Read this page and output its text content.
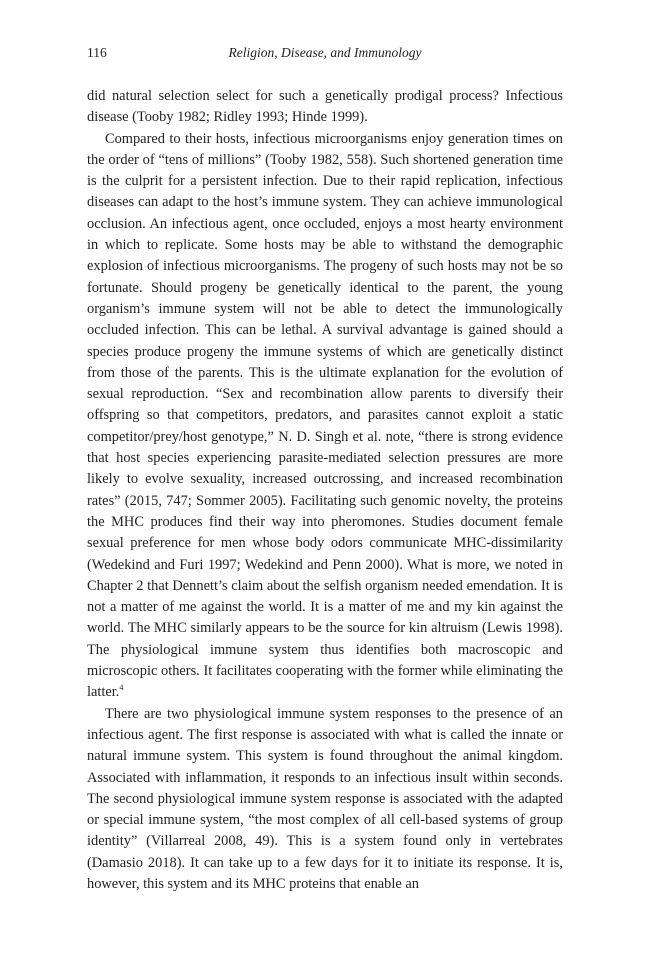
116	Religion, Disease, and Immunology

did natural selection select for such a genetically prodigal process? Infectious disease (Tooby 1982; Ridley 1993; Hinde 1999).

Compared to their hosts, infectious microorganisms enjoy generation times on the order of “tens of millions” (Tooby 1982, 558). Such shortened generation time is the culprit for a persistent infection. Due to their rapid replication, infectious diseases can adapt to the host’s immune system. They can achieve immunological occlusion. An infectious agent, once occluded, enjoys a most hearty environment in which to replicate. Some hosts may be able to withstand the demographic explosion of infectious microorganisms. The progeny of such hosts may not be so fortunate. Should progeny be genetically identical to the parent, the young organism’s immune system will not be able to detect the immunologically occluded infection. This can be lethal. A survival advantage is gained should a species produce progeny the immune systems of which are genetically distinct from those of the parents. This is the ultimate explanation for the evolution of sexual reproduction. “Sex and recombination allow parents to diversify their offspring so that competitors, predators, and parasites cannot exploit a static competitor/prey/host genotype,” N. D. Singh et al. note, “there is strong evidence that host species experiencing parasite-mediated selection pressures are more likely to evolve sexuality, increased outcrossing, and increased recombination rates” (2015, 747; Sommer 2005). Facilitating such genomic novelty, the proteins the MHC produces find their way into pheromones. Studies document female sexual preference for men whose body odors communicate MHC-dissimilarity (Wedekind and Furi 1997; Wedekind and Penn 2000). What is more, we noted in Chapter 2 that Dennett’s claim about the selfish organism needed emendation. It is not a matter of me against the world. It is a matter of me and my kin against the world. The MHC similarly appears to be the source for kin altruism (Lewis 1998). The physiological immune system thus identifies both macroscopic and microscopic others. It facilitates cooperating with the former while eliminating the latter.$^4$

There are two physiological immune system responses to the presence of an infectious agent. The first response is associated with what is called the innate or natural immune system. This system is found throughout the animal kingdom. Associated with inflammation, it responds to an infectious insult within seconds. The second physiological immune system response is associated with the adapted or special immune system, “the most complex of all cell-based systems of group identity” (Villarreal 2008, 49). This is a system found only in vertebrates (Damasio 2018). It can take up to a few days for it to initiate its response. It is, however, this system and its MHC proteins that enable an
